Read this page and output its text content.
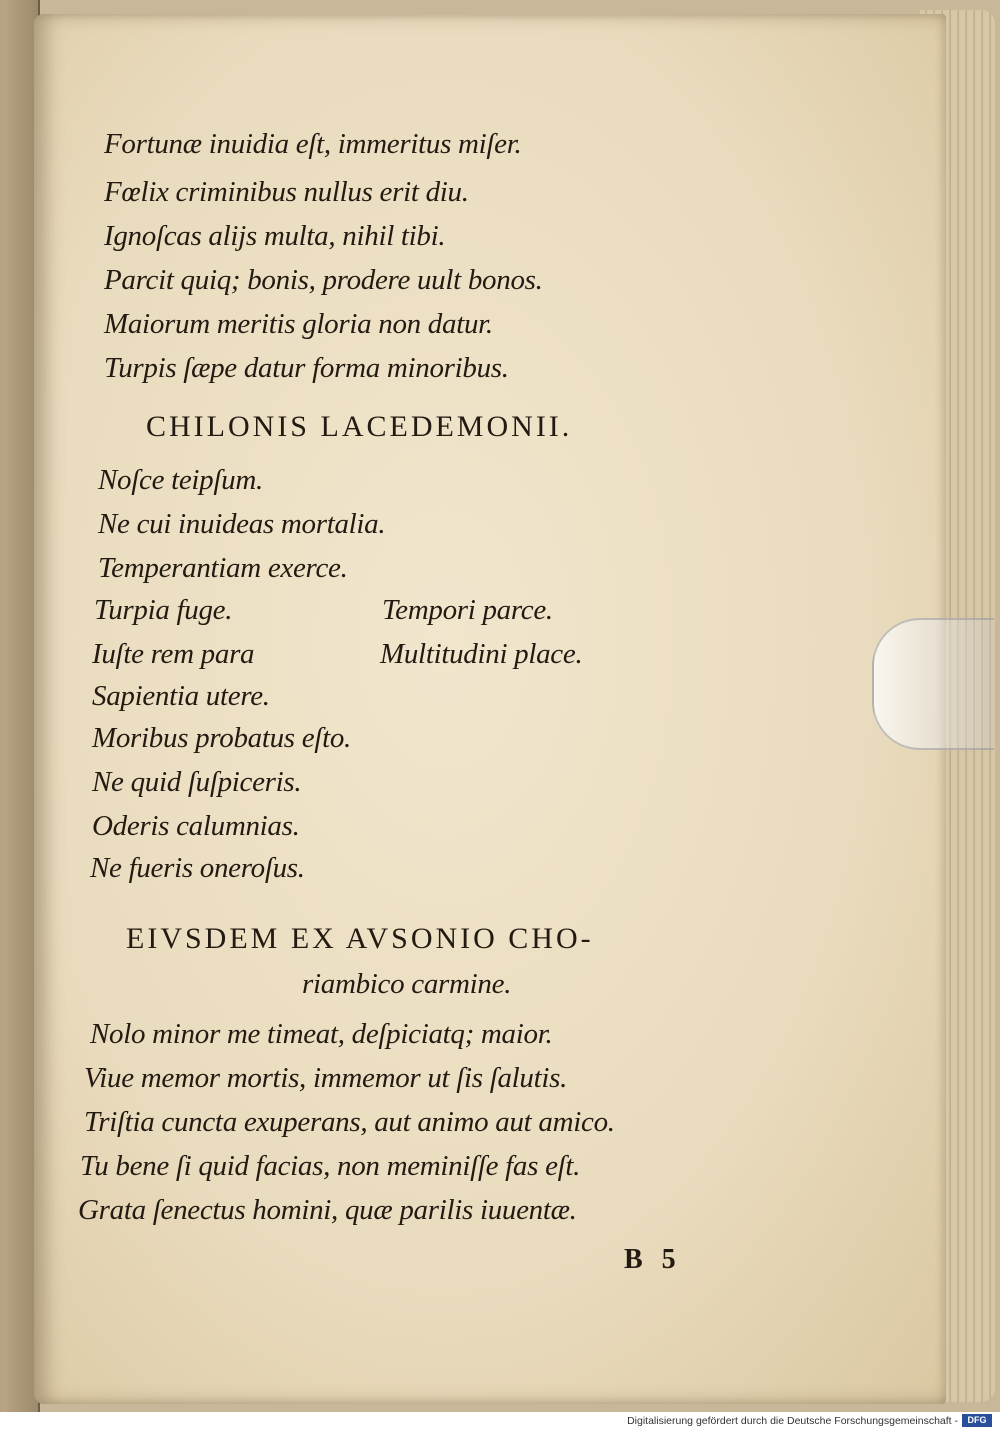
Fortunæ inuidia eſt, immeritus miſer.
Fœlix criminibus nullus erit diu.
Ignoſcas alijs multa, nihil tibi.
Parcit quiq; bonis, prodere uult bonos.
Maiorum meritis gloria non datur.
Turpis ſæpe datur forma minoribus.
CHILONIS LACEDEMONII.
Noſce teipſum.
Ne cui inuideas mortalia.
Temperantiam exerce.
Turpia fuge.	Tempori parce.
Iuſte rem para	Multitudini place.
Sapientia utere.
Moribus probatus eſto.
Ne quid ſuſpiceris.
Oderis calumnias.
Ne fueris oneroſus.
EIVSDEM EX AVSONIO CHO-
riambico carmine.
Nolo minor me timeat, deſpiciatq; maior.
Viue memor mortis, immemor ut ſis ſalutis.
Triſtia cuncta exuperans, aut animo aut amico.
Tu bene ſi quid facias, non meminiſſe fas eſt.
Grata ſenectus homini, quæ parilis iuuentæ.
B 5
Digitalisierung gefördert durch die Deutsche Forschungsgemeinschaft -	DFG
